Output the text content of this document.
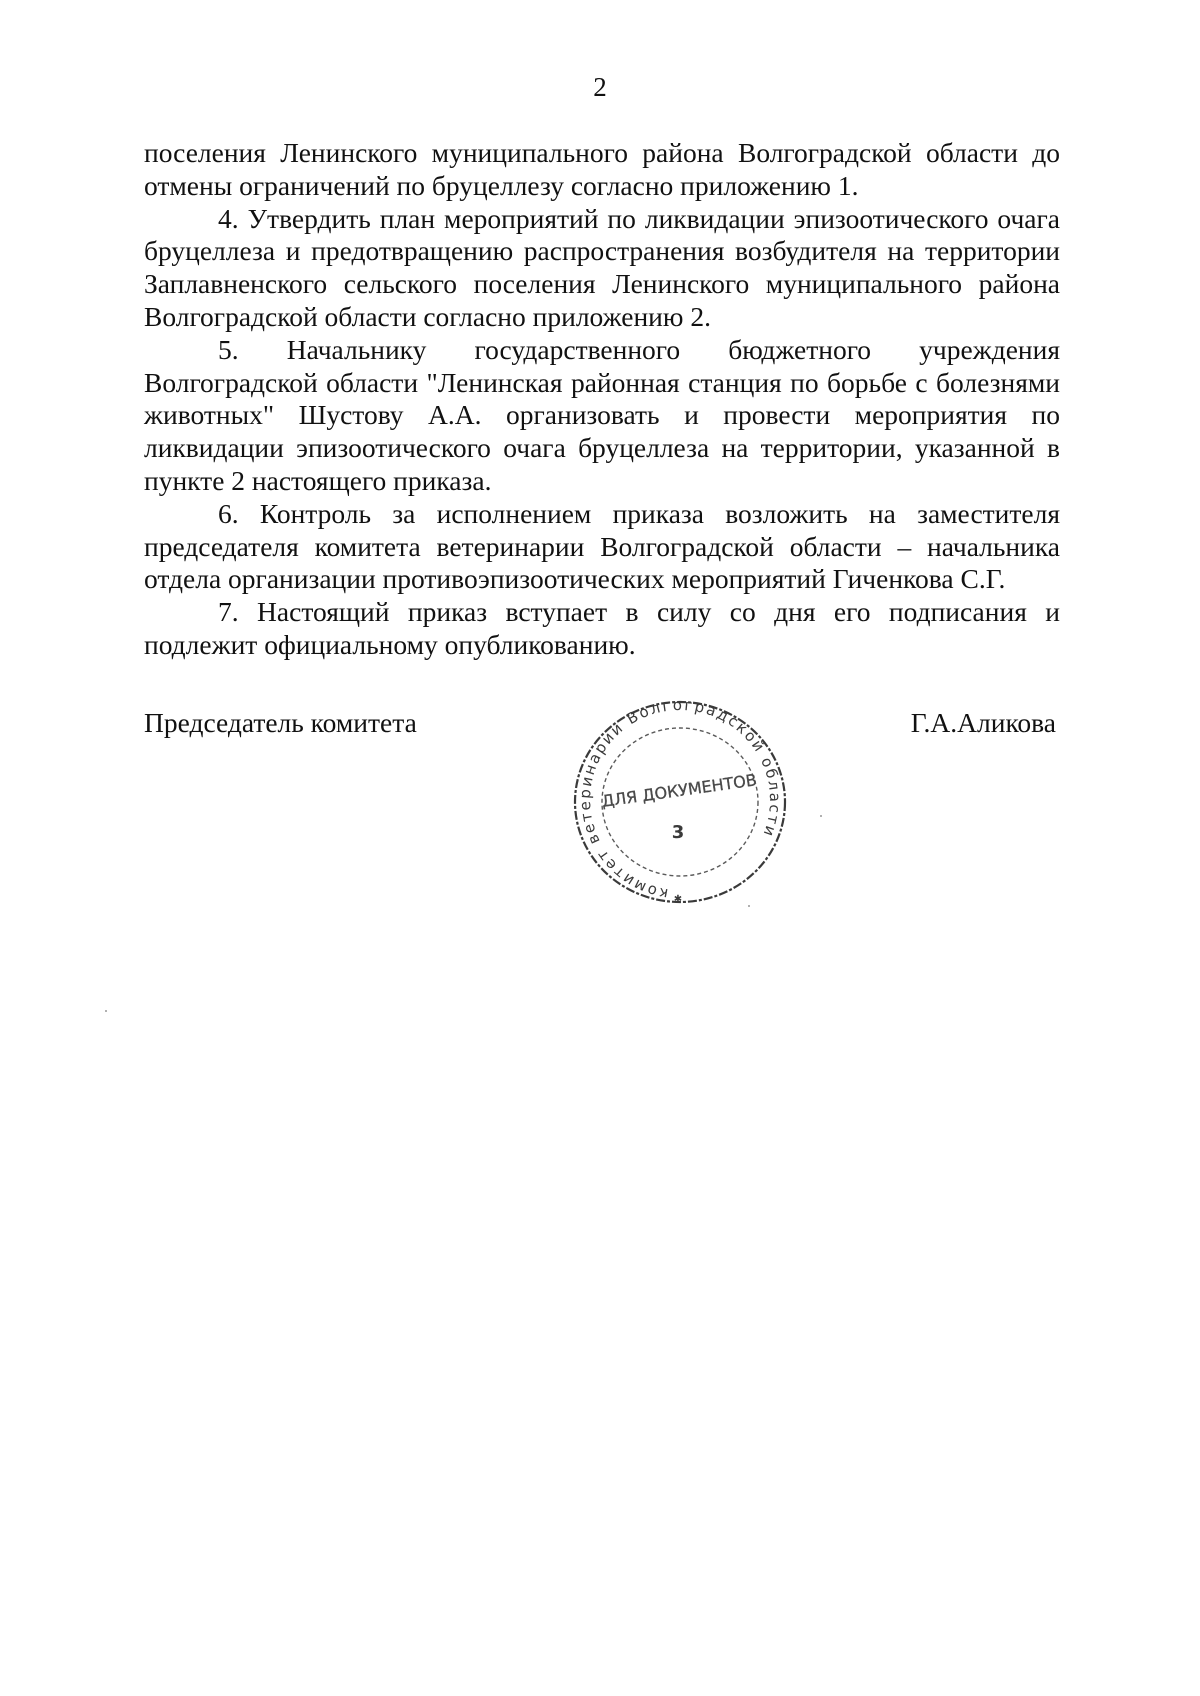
2

поселения Ленинского муниципального района Волгоградской области до отмены ограничений по бруцеллезу согласно приложению 1.

4. Утвердить план мероприятий по ликвидации эпизоотического очага бруцеллеза и предотвращению распространения возбудителя на территории Заплавненского сельского поселения Ленинского муниципального района Волгоградской области согласно приложению 2.

5. Начальнику государственного бюджетного учреждения Волгоградской области "Ленинская районная станция по борьбе с болезнями животных" Шустову А.А. организовать и провести мероприятия по ликвидации эпизоотического очага бруцеллеза на территории, указанной в пункте 2 настоящего приказа.

6. Контроль за исполнением приказа возложить на заместителя председателя комитета ветеринарии Волгоградской области – начальника отдела организации противоэпизоотических мероприятий Гиченкова С.Г.

7. Настоящий приказ вступает в силу со дня его подписания и подлежит официальному опубликованию.

Председатель комитета	Г.А.Аликова
комитет ветеринарии Волгоградской области
ДЛЯ ДОКУМЕНТОВ
3
✱
